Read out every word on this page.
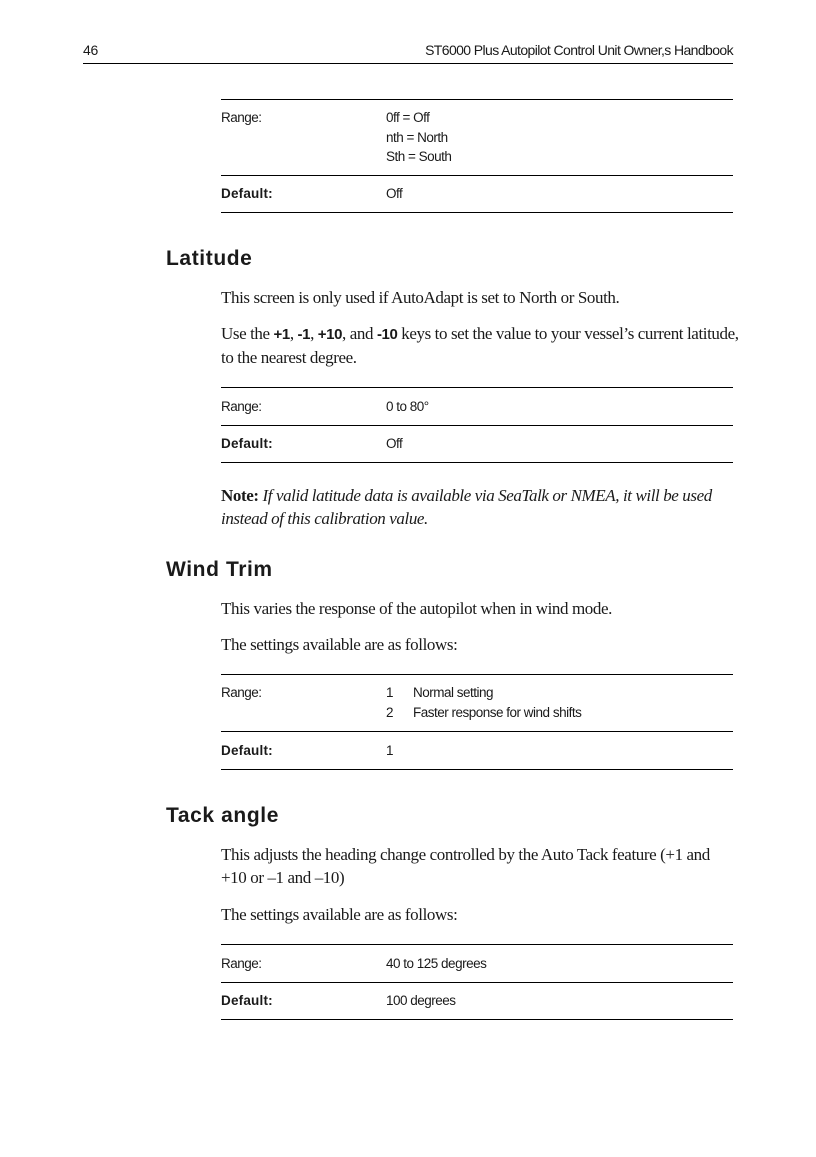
46	ST6000 Plus Autopilot Control Unit Owner,s Handbook
Range:	0ff = Off
nth = North
Sth = South
Default:	Off
Latitude
This screen is only used if AutoAdapt is set to North or South.
Use the +1, -1, +10, and -10 keys to set the value to your vessel’s current latitude, to the nearest degree.
Range:	0 to 80°
Default:	Off
Note: If valid latitude data is available via SeaTalk or NMEA, it will be used instead of this calibration value.
Wind Trim
This varies the response of the autopilot when in wind mode.
The settings available are as follows:
Range:	1 Normal setting
2 Faster response for wind shifts
Default:	1
Tack angle
This adjusts the heading change controlled by the Auto Tack feature (+1 and +10 or –1 and –10)
The settings available are as follows:
Range:	40 to 125 degrees
Default:	100 degrees
